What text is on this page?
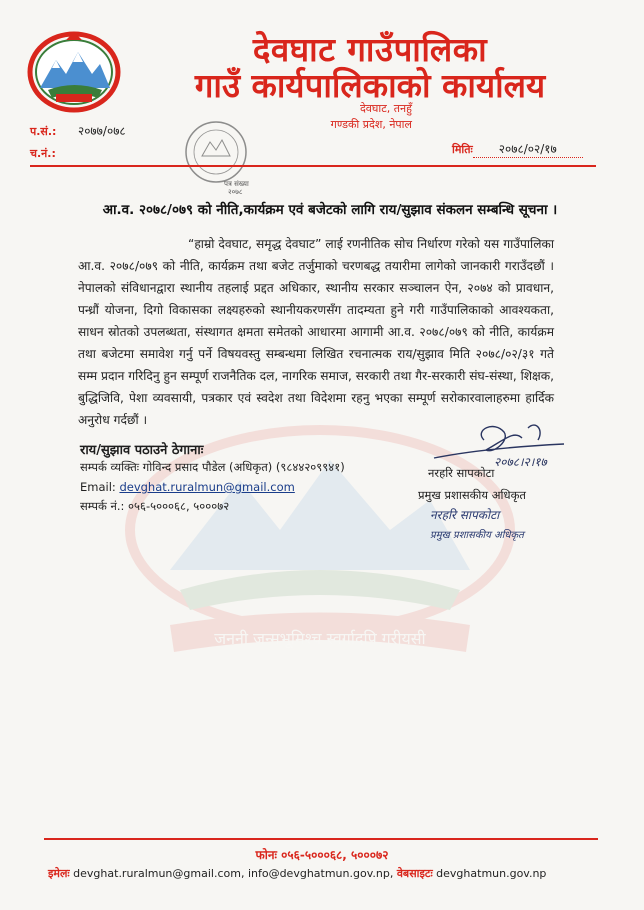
देवघाट गाउँपालिका
गाउँ कार्यपालिकाको कार्यालय
देवघाट, तनहुँ
गण्डकी प्रदेश, नेपाल
प.सं.: २०७७/०७८
च.नं.:
पत्र संख्या
२०७८
मितिः २०७८/०२/१७
आ.व. २०७८/०७९ को नीति,कार्यक्रम एवं बजेटको लागि राय/सुझाव संकलन सम्बन्धि सूचना ।
“हाम्रो देवघाट, समृद्ध देवघाट” लाई रणनीतिक सोच निर्धारण गरेको यस गाउँपालिका आ.व. २०७८/०७९ को नीति, कार्यक्रम तथा बजेट तर्जुमाको चरणबद्ध तयारीमा लागेको जानकारी गराउँदछौं । नेपालको संविधानद्वारा स्थानीय तहलाई प्रद्दत अधिकार, स्थानीय सरकार सञ्चालन ऐन, २०७४ को प्रावधान, पन्ध्रौं योजना, दिगो विकासका लक्ष्यहरुको स्थानीयकरणसँग तादम्यता हुने गरी गाउँपालिकाको आवश्यकता, साधन स्रोतको उपलब्धता, संस्थागत क्षमता समेतको आधारमा आगामी आ.व. २०७८/०७९ को नीति, कार्यक्रम तथा बजेटमा समावेश गर्नु पर्ने विषयवस्तु सम्बन्धमा लिखित रचनात्मक राय/सुझाव मिति २०७८/०२/३१ गते सम्म प्रदान गरिदिनु हुन सम्पूर्ण राजनैतिक दल, नागरिक समाज, सरकारी तथा गैर-सरकारी संघ-संस्था, शिक्षक, बुद्धिजिवि, पेशा व्यवसायी, पत्रकार एवं स्वदेश तथा विदेशमा रहनु भएका सम्पूर्ण सरोकारवालाहरुमा हार्दिक अनुरोध गर्दछौं ।
जननी जन्मभूमिश्च स्वर्गादपि गरीयसी
राय/सुझाव पठाउने ठेगानाः
सम्पर्क व्यक्तिः गोविन्द प्रसाद पौडेल (अधिकृत) (९८४४२०९९४१)
Email: devghat.ruralmun@gmail.com
सम्पर्क नं.: ०५६-५०००६८, ५०००७२
२०७८।२।१७
नरहरि सापकोटा
प्रमुख प्रशासकीय अधिकृत
नरहरि सापकोटा
प्रमुख प्रशासकीय अधिकृत
फोनः ०५६-५०००६८, ५०००७२
इमेलः devghat.ruralmun@gmail.com, info@devghatmun.gov.np, वेबसाइटः devghatmun.gov.np
